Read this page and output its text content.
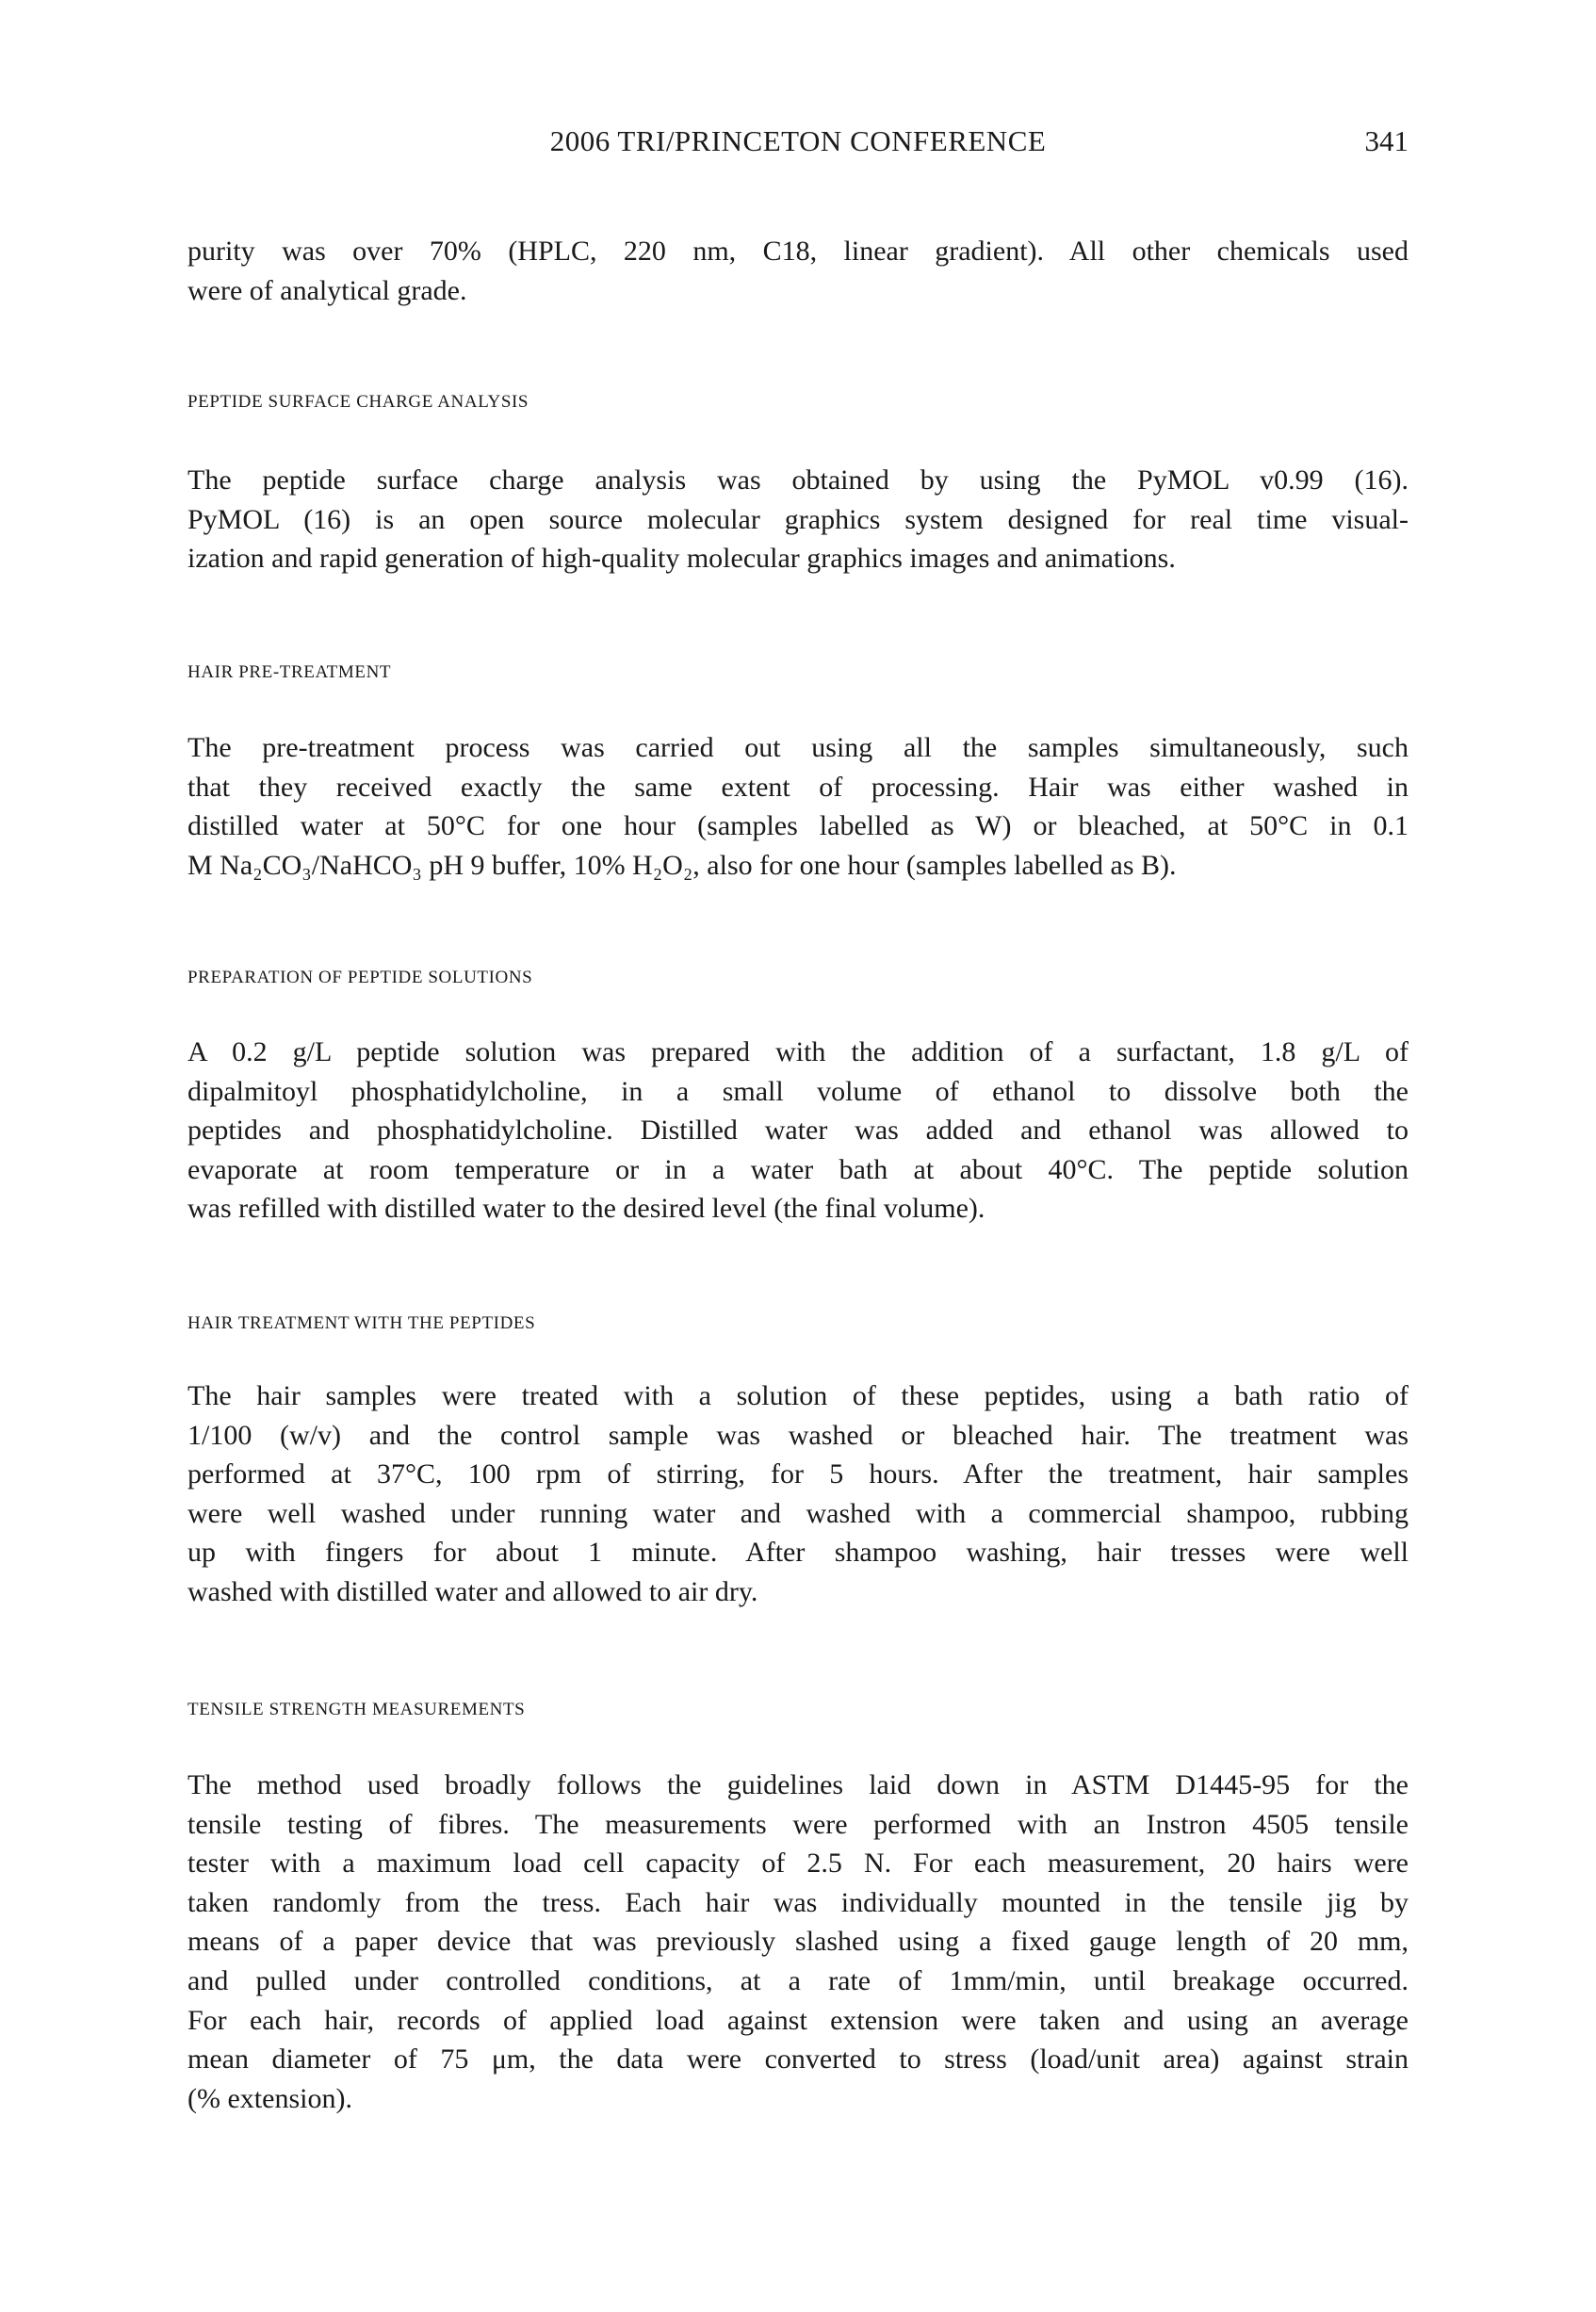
2006 TRI/PRINCETON CONFERENCE	341
purity was over 70% (HPLC, 220 nm, C18, linear gradient). All other chemicals used
were of analytical grade.
PEPTIDE SURFACE CHARGE ANALYSIS
The peptide surface charge analysis was obtained by using the PyMOL v0.99 (16).
PyMOL (16) is an open source molecular graphics system designed for real time visual-
ization and rapid generation of high-quality molecular graphics images and animations.
HAIR PRE-TREATMENT
The pre-treatment process was carried out using all the samples simultaneously, such
that they received exactly the same extent of processing. Hair was either washed in
distilled water at 50°C for one hour (samples labelled as W) or bleached, at 50°C in 0.1
M Na₂CO₃/NaHCO₃ pH 9 buffer, 10% H₂O₂, also for one hour (samples labelled as B).
PREPARATION OF PEPTIDE SOLUTIONS
A 0.2 g/L peptide solution was prepared with the addition of a surfactant, 1.8 g/L of
dipalmitoyl phosphatidylcholine, in a small volume of ethanol to dissolve both the
peptides and phosphatidylcholine. Distilled water was added and ethanol was allowed to
evaporate at room temperature or in a water bath at about 40°C. The peptide solution
was refilled with distilled water to the desired level (the final volume).
HAIR TREATMENT WITH THE PEPTIDES
The hair samples were treated with a solution of these peptides, using a bath ratio of
1/100 (w/v) and the control sample was washed or bleached hair. The treatment was
performed at 37°C, 100 rpm of stirring, for 5 hours. After the treatment, hair samples
were well washed under running water and washed with a commercial shampoo, rubbing
up with fingers for about 1 minute. After shampoo washing, hair tresses were well
washed with distilled water and allowed to air dry.
TENSILE STRENGTH MEASUREMENTS
The method used broadly follows the guidelines laid down in ASTM D1445-95 for the
tensile testing of fibres. The measurements were performed with an Instron 4505 tensile
tester with a maximum load cell capacity of 2.5 N. For each measurement, 20 hairs were
taken randomly from the tress. Each hair was individually mounted in the tensile jig by
means of a paper device that was previously slashed using a fixed gauge length of 20 mm,
and pulled under controlled conditions, at a rate of 1mm/min, until breakage occurred.
For each hair, records of applied load against extension were taken and using an average
mean diameter of 75 μm, the data were converted to stress (load/unit area) against strain
(% extension).
